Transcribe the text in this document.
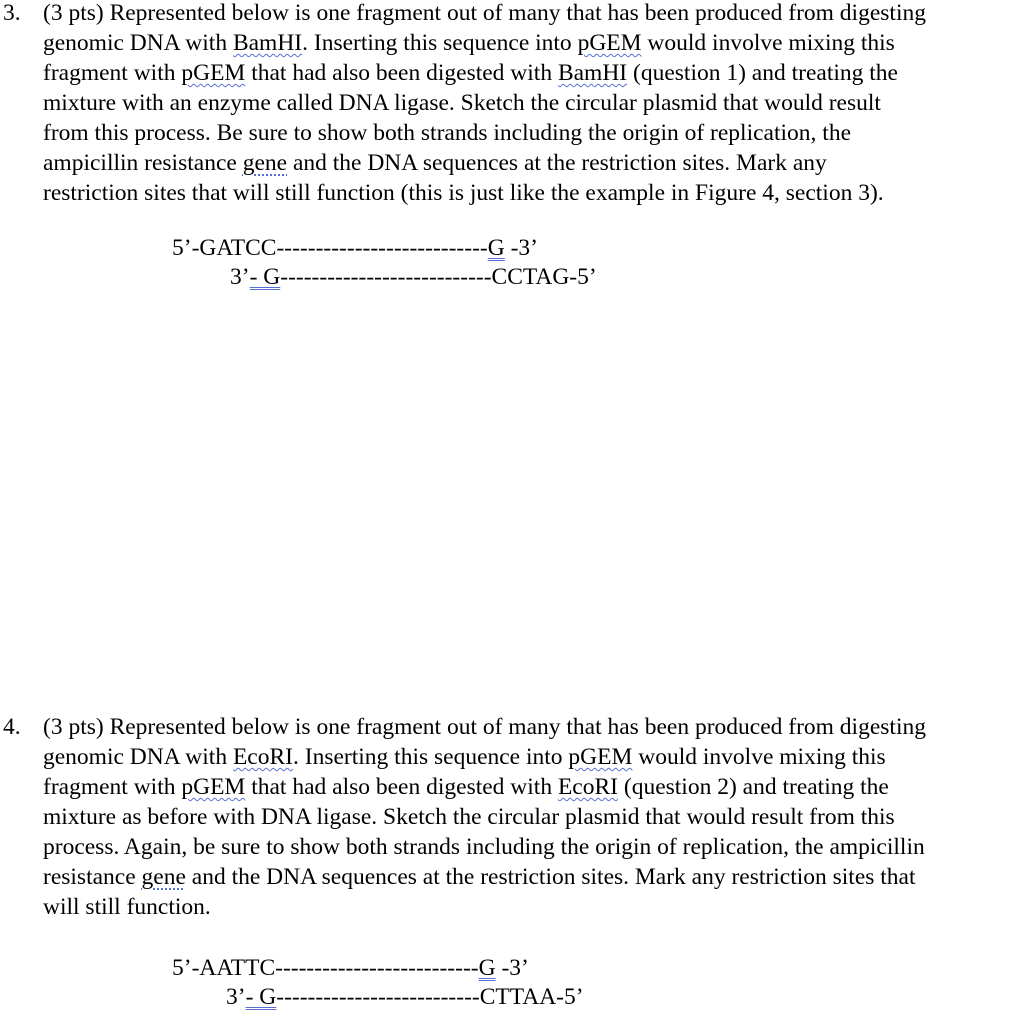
3. (3 pts) Represented below is one fragment out of many that has been produced from digesting
genomic DNA with BamHI. Inserting this sequence into pGEM would involve mixing this
fragment with pGEM that had also been digested with BamHI (question 1) and treating the
mixture with an enzyme called DNA ligase. Sketch the circular plasmid that would result
from this process. Be sure to show both strands including the origin of replication, the
ampicillin resistance gene and the DNA sequences at the restriction sites. Mark any
restriction sites that will still function (this is just like the example in Figure 4, section 3).
5’-GATCC---------------------------G -3’
3’- G---------------------------CCTAG-5’
4. (3 pts) Represented below is one fragment out of many that has been produced from digesting
genomic DNA with EcoRI. Inserting this sequence into pGEM would involve mixing this
fragment with pGEM that had also been digested with EcoRI (question 2) and treating the
mixture as before with DNA ligase. Sketch the circular plasmid that would result from this
process. Again, be sure to show both strands including the origin of replication, the ampicillin
resistance gene and the DNA sequences at the restriction sites. Mark any restriction sites that
will still function.
5’-AATTC--------------------------G -3’
3’- G--------------------------CTTAA-5’
